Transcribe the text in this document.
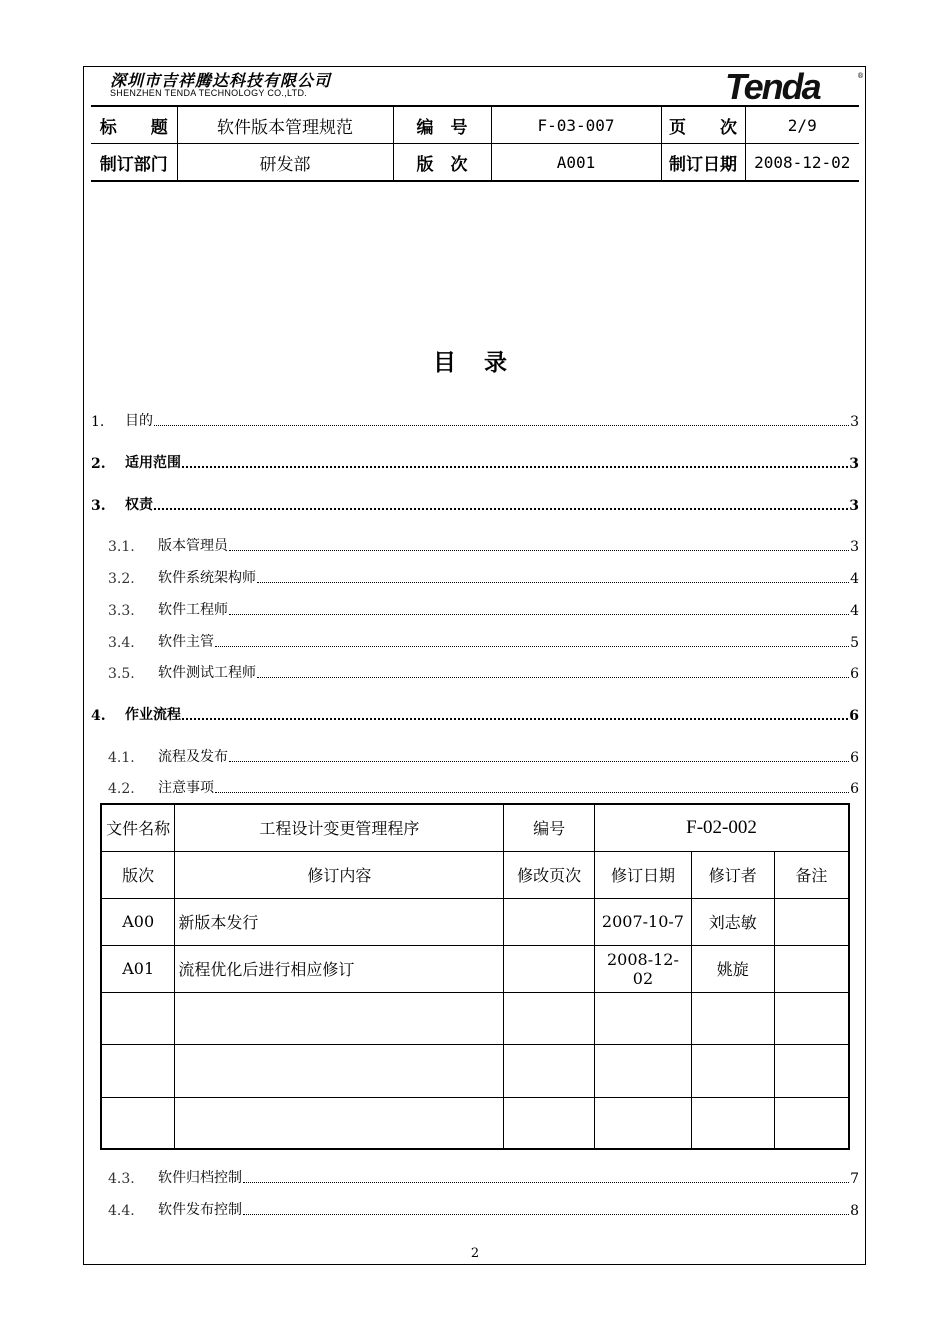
深圳市吉祥腾达科技有限公司
SHENZHEN TENDA TECHNOLOGY CO.,LTD.	Tenda	®
标　　题	软件版本管理规范	编　号	F-03-007	页　　次	2/9
制订部门	研发部	版　次	A001	制订日期	2008-12-02
目 录
1.	目的	3
2.	适用范围	3
3.	权责	3
3.1.	版本管理员	3
3.2.	软件系统架构师	4
3.3.	软件工程师	4
3.4.	软件主管	5
3.5.	软件测试工程师	6
4.	作业流程	6
4.1.	流程及发布	6
4.2.	注意事项	6
文件名称	工程设计变更管理程序	编号	F-02-002		
版次	修订内容	修改页次	修订日期	修订者	备注
A00	新版本发行		2007-10-7	刘志敏	
A01	流程优化后进行相应修订		2008-12-02	姚旋	

4.3.	软件归档控制	7
4.4.	软件发布控制	8
2
